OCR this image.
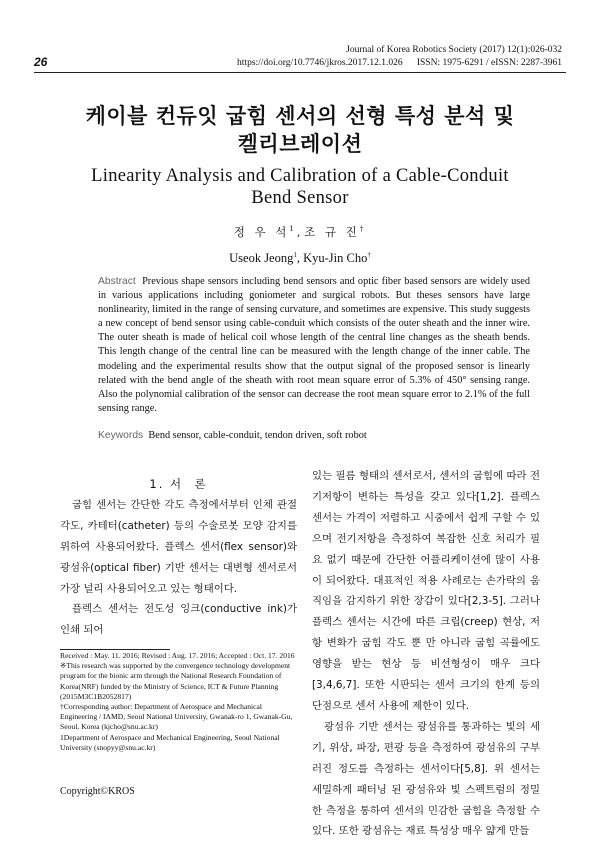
26
Journal of Korea Robotics Society (2017) 12(1):026-032
https://doi.org/10.7746/jkros.2017.12.1.026      ISSN: 1975-6291 / eISSN: 2287-3961
케이블 컨듀잇 굽힘 센서의 선형 특성 분석 및
켈리브레이션
Linearity Analysis and Calibration of a Cable-Conduit
Bend Sensor
정 우 석$^1$, 조 규 진†
Useok Jeong$^1$, Kyu-Jin Cho†
Abstract Previous shape sensors including bend sensors and optic fiber based sensors are widely used in various applications including goniometer and surgical robots. But theses sensors have large nonlinearity, limited in the range of sensing curvature, and sometimes are expensive. This study suggests a new concept of bend sensor using cable-conduit which consists of the outer sheath and the inner wire. The outer sheath is made of helical coil whose length of the central line changes as the sheath bends. This length change of the central line can be measured with the length change of the inner cable. The modeling and the experimental results show that the output signal of the proposed sensor is linearly related with the bend angle of the sheath with root mean square error of 5.3% of 450° sensing range. Also the polynomial calibration of the sensor can decrease the root mean square error to 2.1% of the full sensing range.
Keywords Bend sensor, cable-conduit, tendon driven, soft robot

1. 서  론

굽힘 센서는 간단한 각도 측정에서부터 인체 관절 각도, 카테터(catheter) 등의 수술로봇 모양 감지를 위하여 사용되어왔다. 플렉스 센서(flex sensor)와 광섬유(optical fiber) 기반 센서는 대변형 센서로서 가장 널리 사용되어오고 있는 형태이다.

플렉스 센서는 전도성 잉크(conductive ink)가 인쇄 되어

있는 필름 형태의 센서로서, 센서의 굽힘에 따라 전기저항이 변하는 특성을 갖고 있다[1,2]. 플렉스 센서는 가격이 저렴하고 시중에서 쉽게 구할 수 있으며 전기저항을 측정하여 복잡한 신호 처리가 필요 없기 때문에 간단한 어플리케이션에 많이 사용이 되어왔다. 대표적인 적용 사례로는 손가락의 움직임을 감지하기 위한 장갑이 있다[2,3-5]. 그러나 플렉스 센서는 시간에 따른 크립(creep) 현상, 저항 변화가 굽힘 각도 뿐 만 아니라 굽힘 곡률에도 영향을 받는 현상 등 비선형성이 매우 크다[3,4,6,7]. 또한 시판되는 센서 크기의 한계 등의 단점으로 센서 사용에 제한이 있다.

광섬유 기반 센서는 광섬유를 통과하는 빛의 세기, 위상, 파장, 편광 등을 측정하여 광섬유의 구부러진 정도를 측정하는 센서이다[5,8]. 위 센서는 세밀하게 패터닝 된 광섬유와 빛 스펙트럼의 정밀한 측정을 통하여 센서의 민감한 굽힘을 측정할 수 있다. 또한 광섬유는 재료 특성상 매우 얇게 만들

Received : May. 11. 2016; Revised : Aug. 17. 2016; Accepted : Oct. 17. 2016
※This research was supported by the convergence technology development program for the bionic arm through the National Research Foundation of Korea(NRF) funded by the Ministry of Science, ICT & Future Planning (2015M3C1B2052817)
†Corresponding author: Department of Aerospace and Mechanical Engineering / IAMD, Seoul National University, Gwanak-ro 1, Gwanak-Gu, Seoul, Korea (kjcho@snu.ac.kr)
1Department of Aerospace and Mechanical Engineering, Seoul National University (snopyy@snu.ac.kr)
Copyright©KROS
